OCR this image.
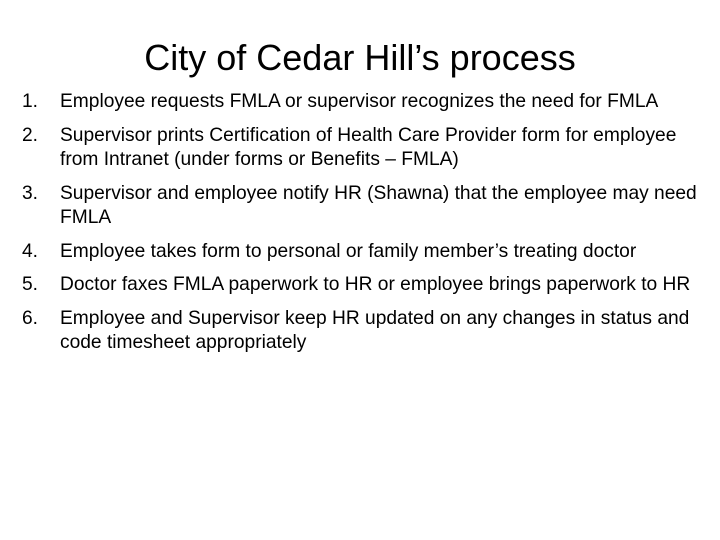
City of Cedar Hill’s process
1.	Employee requests FMLA or supervisor recognizes the need for FMLA
2.	Supervisor prints Certification of Health Care Provider form for employee from Intranet (under forms or Benefits – FMLA)
3.	Supervisor and employee notify HR (Shawna) that the employee may need FMLA
4.	Employee takes form to personal or family member’s treating doctor
5.	Doctor faxes FMLA paperwork to HR or employee brings paperwork to HR
6.	Employee and Supervisor keep HR updated on any changes in status and code timesheet appropriately
